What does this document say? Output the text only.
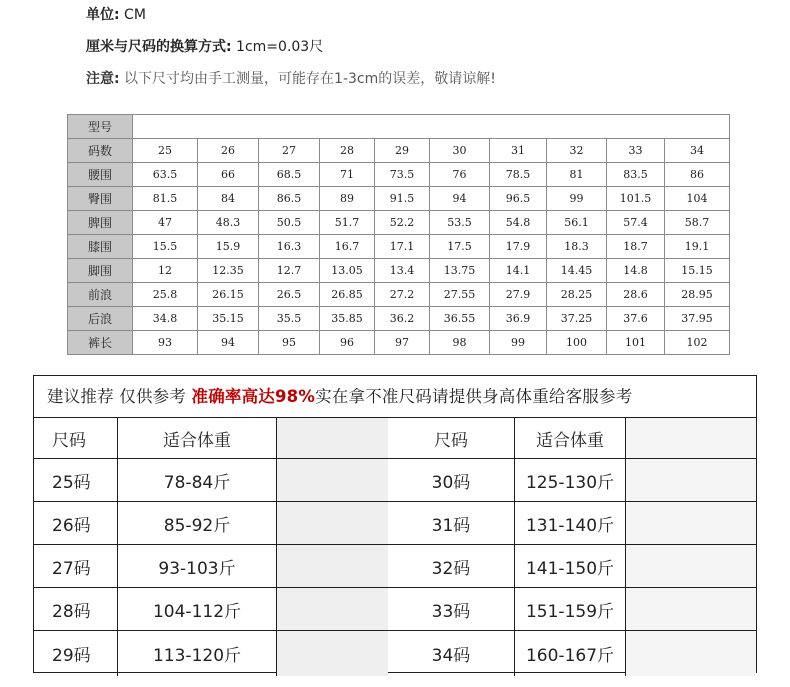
单位: CM

厘米与尺码的换算方式: 1cm=0.03尺

注意: 以下尺寸均由手工测量，可能存在1-3cm的误差，敬请谅解!

型号										
码数	25	26	27	28	29	30	31	32	33	34
腰围	63.5	66	68.5	71	73.5	76	78.5	81	83.5	86
臀围	81.5	84	86.5	89	91.5	94	96.5	99	101.5	104
脾围	47	48.3	50.5	51.7	52.2	53.5	54.8	56.1	57.4	58.7
膝围	15.5	15.9	16.3	16.7	17.1	17.5	17.9	18.3	18.7	19.1
脚围	12	12.35	12.7	13.05	13.4	13.75	14.1	14.45	14.8	15.15
前浪	25.8	26.15	26.5	26.85	27.2	27.55	27.9	28.25	28.6	28.95
后浪	34.8	35.15	35.5	35.85	36.2	36.55	36.9	37.25	37.6	37.95
裤长	93	94	95	96	97	98	99	100	101	102
建议推荐 仅供参考 准确率高达98%实在拿不准尺码请提供身高体重给客服参考
尺码	适合体重	尺码	适合体重
25码	78-84斤	30码	125-130斤
26码	85-92斤	31码	131-140斤
27码	93-103斤	32码	141-150斤
28码	104-112斤	33码	151-159斤
29码	113-120斤	34码	160-167斤
